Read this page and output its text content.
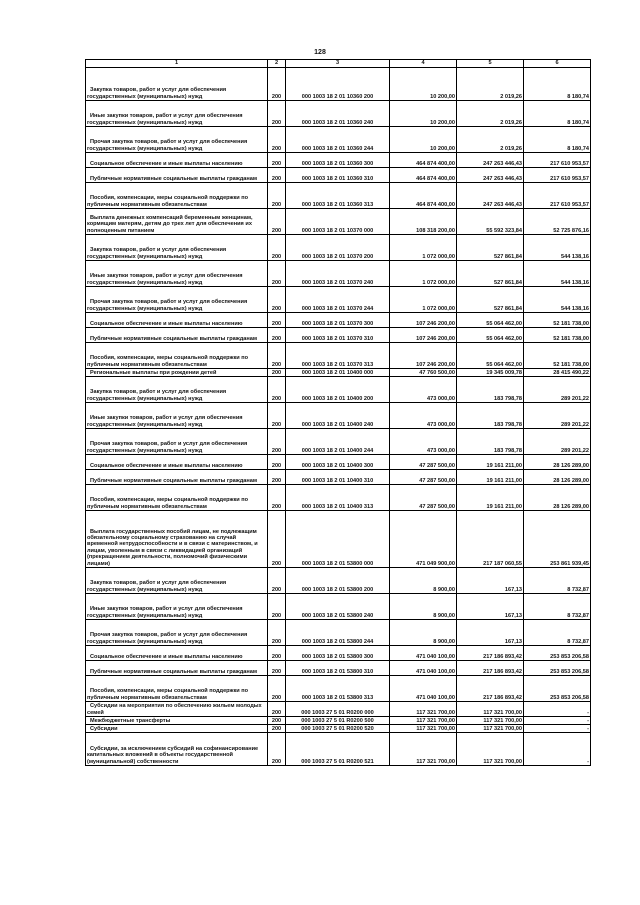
128
1	2	3	4	5	6
Закупка товаров, работ и услуг для обеспечения государственных (муниципальных) нужд	200	000 1003 18 2 01 10360 200	10 200,00	2 019,26	8 180,74
Иные закупки товаров, работ и услуг для обеспечения государственных (муниципальных) нужд	200	000 1003 18 2 01 10360 240	10 200,00	2 019,26	8 180,74
Прочая закупка товаров, работ и услуг для обеспечения государственных (муниципальных) нужд	200	000 1003 18 2 01 10360 244	10 200,00	2 019,26	8 180,74
Социальное обеспечение и иные выплаты населению	200	000 1003 18 2 01 10360 300	464 874 400,00	247 263 446,43	217 610 953,57
Публичные нормативные социальные выплаты гражданам	200	000 1003 18 2 01 10360 310	464 874 400,00	247 263 446,43	217 610 953,57
Пособия, компенсации, меры социальной поддержки по публичным нормативным обязательствам	200	000 1003 18 2 01 10360 313	464 874 400,00	247 263 446,43	217 610 953,57
Выплата денежных компенсаций беременным женщинам, кормящим матерям, детям до трех лет для обеспечения их полноценным питанием	200	000 1003 18 2 01 10370 000	108 318 200,00	55 592 323,84	52 725 876,16
Закупка товаров, работ и услуг для обеспечения государственных (муниципальных) нужд	200	000 1003 18 2 01 10370 200	1 072 000,00	527 861,84	544 138,16
Иные закупки товаров, работ и услуг для обеспечения государственных (муниципальных) нужд	200	000 1003 18 2 01 10370 240	1 072 000,00	527 861,84	544 138,16
Прочая закупка товаров, работ и услуг для обеспечения государственных (муниципальных) нужд	200	000 1003 18 2 01 10370 244	1 072 000,00	527 861,84	544 138,16
Социальное обеспечение и иные выплаты населению	200	000 1003 18 2 01 10370 300	107 246 200,00	55 064 462,00	52 181 738,00
Публичные нормативные социальные выплаты гражданам	200	000 1003 18 2 01 10370 310	107 246 200,00	55 064 462,00	52 181 738,00
Пособия, компенсации, меры социальной поддержки по публичным нормативным обязательствам	200	000 1003 18 2 01 10370 313	107 246 200,00	55 064 462,00	52 181 738,00
Региональные выплаты при рождении детей	200	000 1003 18 2 01 10400 000	47 760 500,00	19 345 009,78	28 415 490,22
Закупка товаров, работ и услуг для обеспечения государственных (муниципальных) нужд	200	000 1003 18 2 01 10400 200	473 000,00	183 798,78	289 201,22
Иные закупки товаров, работ и услуг для обеспечения государственных (муниципальных) нужд	200	000 1003 18 2 01 10400 240	473 000,00	183 798,78	289 201,22
Прочая закупка товаров, работ и услуг для обеспечения государственных (муниципальных) нужд	200	000 1003 18 2 01 10400 244	473 000,00	183 798,78	289 201,22
Социальное обеспечение и иные выплаты населению	200	000 1003 18 2 01 10400 300	47 287 500,00	19 161 211,00	28 126 289,00
Публичные нормативные социальные выплаты гражданам	200	000 1003 18 2 01 10400 310	47 287 500,00	19 161 211,00	28 126 289,00
Пособия, компенсации, меры социальной поддержки по публичным нормативным обязательствам	200	000 1003 18 2 01 10400 313	47 287 500,00	19 161 211,00	28 126 289,00
Выплата государственных пособий лицам, не подлежащим обязательному социальному страхованию на случай временной нетрудоспособности и в связи с материнством, и лицам, уволенным в связи с ликвидацией организаций (прекращением деятельности, полномочий физическими лицами)	200	000 1003 18 2 01 53800 000	471 049 900,00	217 187 060,55	253 861 939,45
Закупка товаров, работ и услуг для обеспечения государственных (муниципальных) нужд	200	000 1003 18 2 01 53800 200	8 900,00	167,13	8 732,87
Иные закупки товаров, работ и услуг для обеспечения государственных (муниципальных) нужд	200	000 1003 18 2 01 53800 240	8 900,00	167,13	8 732,87
Прочая закупка товаров, работ и услуг для обеспечения государственных (муниципальных) нужд	200	000 1003 18 2 01 53800 244	8 900,00	167,13	8 732,87
Социальное обеспечение и иные выплаты населению	200	000 1003 18 2 01 53800 300	471 040 100,00	217 186 893,42	253 853 206,58
Публичные нормативные социальные выплаты гражданам	200	000 1003 18 2 01 53800 310	471 040 100,00	217 186 893,42	253 853 206,58
Пособия, компенсации, меры социальной поддержки по публичным нормативным обязательствам	200	000 1003 18 2 01 53800 313	471 040 100,00	217 186 893,42	253 853 206,58
Субсидии на мероприятия по обеспечению жильем молодых семей	200	000 1003 27 5 01 R0200 000	117 321 700,00	117 321 700,00	-
Межбюджетные трансферты	200	000 1003 27 5 01 R0200 500	117 321 700,00	117 321 700,00	-
Субсидии	200	000 1003 27 5 01 R0200 520	117 321 700,00	117 321 700,00	-
Субсидии, за исключением субсидий на софинансирование капитальных вложений в объекты государственной (муниципальной) собственности	200	000 1003 27 5 01 R0200 521	117 321 700,00	117 321 700,00	-
